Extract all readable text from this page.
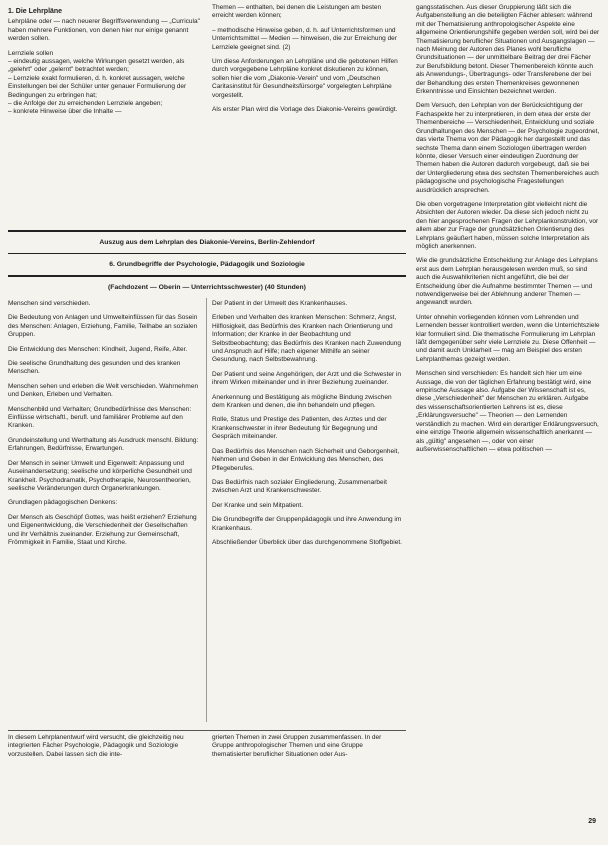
1. Die Lehrpläne

Lehrpläne oder — nach neuerer Begriffsverwendung — „Curricula" haben mehrere Funktionen, von denen hier nur einige genannt werden sollen.

Lernziele sollen

– eindeutig aussagen, welche Wirkungen gesetzt werden, als „gelehrt" oder „gelernt" betrachtet werden;

– Lernziele exakt formulieren, d. h. konkret aussagen, welche Einstellungen bei der Schüler unter genauer Formulierung der Bedingungen zu erbringen hat;

– die Anfolge der zu erreichenden Lernziele angeben;

– konkrete Hinweise über die Inhalte —

Themen — enthalten, bei denen die Leistungen am besten erreicht werden können;

– methodische Hinweise geben, d. h. auf Unterrichtsformen und Unterrichtsmittel — Medien — hinweisen, die zur Erreichung der Lernziele geeignet sind. (2)

Um diese Anforderungen an Lehrpläne und die gebotenen Hilfen durch vorgegebene Lehrpläne konkret diskutieren zu können, sollen hier die vom „Diakonie-Verein" und vom „Deutschen Caritasinstitut für Gesundheitsfürsorge" vorgelegten Lehrpläne vorgestellt.

Als erster Plan wird die Vorlage des Diakonie-Vereins gewürdigt.

Auszug aus dem Lehrplan des Diakonie-Vereins, Berlin-Zehlendorf
6. Grundbegriffe der Psychologie, Pädagogik und Soziologie
(Fachdozent — Oberin — Unterrichtsschwester) (40 Stunden)

Menschen sind verschieden.

Die Bedeutung von Anlagen und Umwelteinflüssen für das Sosein des Menschen: Anlagen, Erziehung, Familie, Teilhabe an sozialen Gruppen.

Die Entwicklung des Menschen: Kindheit, Jugend, Reife, Alter.

Die seelische Grundhaltung des gesunden und des kranken Menschen.

Menschen sehen und erleben die Welt verschieden. Wahrnehmen und Denken, Erleben und Verhalten.

Menschenbild und Verhalten; Grundbedürfnisse des Menschen: Einflüsse wirtschaftl., berufl. und familiärer Probleme auf den Kranken.

Grundeinstellung und Werthaltung als Ausdruck menschl. Bildung: Erfahrungen, Bedürfnisse, Erwartungen.

Der Mensch in seiner Umwelt und Eigenwelt: Anpassung und Auseinandersetzung; seelische und körperliche Gesundheit und Krankheit. Psychodramatik, Psychotherapie, Neurosentheorien, seelische Veränderungen durch Organerkrankungen.

Grundlagen pädagogischen Denkens:

Der Mensch als Geschöpf Gottes, was heißt erziehen? Erziehung und Eigenentwicklung, die Verschiedenheit der Gesellschaften und ihr Verhältnis zueinander. Erziehung zur Gemeinschaft, Frömmigkeit in Familie, Staat und Kirche.

Der Patient in der Umwelt des Krankenhauses.

Erleben und Verhalten des kranken Menschen: Schmerz, Angst, Hilflosigkeit, das Bedürfnis des Kranken nach Orientierung und Information; der Kranke in der Beobachtung und Selbstbeobachtung; das Bedürfnis des Kranken nach Zuwendung und Anspruch auf Hilfe; nach eigener Mithilfe an seiner Gesundung, nach Selbstbewahrung.

Der Patient und seine Angehörigen, der Arzt und die Schwester in ihrem Wirken miteinander und in ihrer Beziehung zueinander.

Anerkennung und Bestätigung als mögliche Bindung zwischen dem Kranken und denen, die ihn behandeln und pflegen.

Rolle, Status und Prestige des Patienten, des Arztes und der Krankenschwester in ihrer Bedeutung für Begegnung und Gespräch miteinander.

Das Bedürfnis des Menschen nach Sicherheit und Geborgenheit, Nehmen und Geben in der Entwicklung des Menschen, des Pflegeberufes.

Das Bedürfnis nach sozialer Eingliederung, Zusammenarbeit zwischen Arzt und Krankenschwester.

Der Kranke und sein Mitpatient.

Die Grundbegriffe der Gruppenpädagogik und ihre Anwendung im Krankenhaus.

Abschließender Überblick über das durchgenommene Stoffgebiet.

gangsstatischen. Aus dieser Gruppierung läßt sich die Aufgabenstellung an die beteiligten Fächer ablesen: während mit der Thematisierung anthropologischer Aspekte eine allgemeine Orientierungshilfe gegeben werden soll, wird bei der Thematisierung beruflicher Situationen und Ausgangslagen — nach Meinung der Autoren des Planes wohl berufliche Grundsituationen — der unmittelbare Beitrag der drei Fächer zur Berufsbildung betont. Dieser Themenbereich könnte auch als Anwendungs-, Übertragungs- oder Transferebene der bei der Behandlung des ersten Themenkreises gewonnenen Erkenntnisse und Einsichten bezeichnet werden.

Dem Versuch, den Lehrplan von der Berücksichtigung der Fachaspekte her zu interpretieren, in dem etwa der erste der Themenbereiche — Verschiedenheit, Entwicklung und soziale Grundhaltungen des Menschen — der Psychologie zugeordnet, das vierte Thema von der Pädagogik her dargestellt und das sechste Thema dann einem Soziologen übertragen werden könnte, dieser Versuch einer eindeutigen Zuordnung der Themen haben die Autoren dadurch vorgebeugt, daß sie bei der Untergliederung etwa des sechsten Themenbereiches auch pädagogische und psychologische Fragestellungen ausdrücklich ansprechen.

Die oben vorgetragene Interpretation gibt vielleicht nicht die Absichten der Autoren wieder. Da diese sich jedoch nicht zu den hier angesprochenen Fragen der Lehrplankonstruktion, vor allem aber zur Frage der grundsätzlichen Orientierung des Lehrplans geäußert haben, müssen solche Interpretation als möglich anerkennen.

Wie die grundsätzliche Entscheidung zur Anlage des Lehrplans erst aus dem Lehrplan herausgelesen werden muß, so sind auch die Auswahlkriterien nicht angeführt, die bei der Entscheidung über die Aufnahme bestimmter Themen — und notwendigerweise bei der Ablehnung anderer Themen — angewandt wurden.

Unter ohnehin vorliegenden können vom Lehrenden und Lernenden besser kontrolliert werden, wenn die Unterrichtsziele klar formuliert sind. Die thematische Formulierung im Lehrplan läßt demgegenüber sehr viele Lernziele zu. Diese Offenheit — und damit auch Unklarheit — mag am Beispiel des ersten Lehrplanthemas gezeigt werden.

Menschen sind verschieden: Es handelt sich hier um eine Aussage, die von der täglichen Erfahrung bestätigt wird, eine empirische Aussage also. Aufgabe der Wissenschaft ist es, diese „Verschiedenheit" der Menschen zu erklären. Aufgabe des wissenschaftsorientierten Lehrens ist es, diese „Erklärungsversuche" — Theorien — den Lernenden verständlich zu machen. Wird ein derartiger Erklärungsversuch, eine einzige Theorie allgemein wissenschaftlich anerkannt — als „gültig" angesehen —, oder von einer außerwissenschaftlichen — etwa politischen —

In diesem Lehrplanentwurf wird versucht, die gleichzeitig neu integrierten Fächer Psychologie, Pädagogik und Soziologie vorzustellen. Dabei lassen sich die inte-

grierten Themen in zwei Gruppen zusammenfassen. In der Gruppe anthropologischer Themen und eine Gruppe thematisierter beruflicher Situationen oder Aus-

29
